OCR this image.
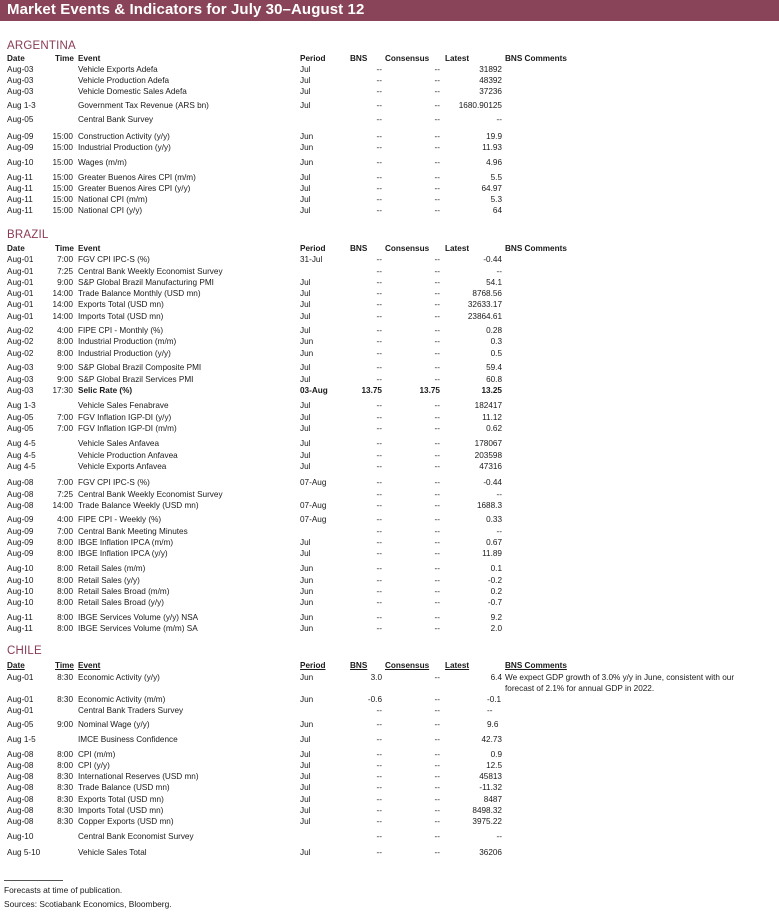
Market Events & Indicators for July 30–August 12
ARGENTINA
Date	Time Event	Period	BNS Consensus Latest	BNS Comments
Aug-03	Vehicle Exports Adefa	Jul	--	--	31892
Aug-03	Vehicle Production Adefa	Jul	--	--	48392
Aug-03	Vehicle Domestic Sales Adefa	Jul	--	--	37236
Aug 1-3	Government Tax Revenue (ARS bn)	Jul	--	--	1680.90125
Aug-05	Central Bank Survey	--	--	--
Aug-09	15:00 Construction Activity (y/y)	Jun	--	--	19.9
Aug-09	15:00 Industrial Production (y/y)	Jun	--	--	11.93
Aug-10	15:00 Wages (m/m)	Jun	--	--	4.96
Aug-11	15:00 Greater Buenos Aires CPI (m/m)	Jul	--	--	5.5
Aug-11	15:00 Greater Buenos Aires CPI (y/y)	Jul	--	--	64.97
Aug-11	15:00 National CPI (m/m)	Jul	--	--	5.3
Aug-11	15:00 National CPI (y/y)	Jul	--	--	64
BRAZIL
Date	Time Event	Period	BNS Consensus Latest	BNS Comments
Aug-01	7:00 FGV CPI IPC-S (%)	31-Jul	--	--	-0.44
Aug-01	7:25 Central Bank Weekly Economist Survey	--	--	--
Aug-01	9:00 S&P Global Brazil Manufacturing PMI	Jul	--	--	54.1
Aug-01	14:00 Trade Balance Monthly (USD mn)	Jul	--	--	8768.56
Aug-01	14:00 Exports Total (USD mn)	Jul	--	--	32633.17
Aug-01	14:00 Imports Total (USD mn)	Jul	--	--	23864.61
Aug-02	4:00 FIPE CPI - Monthly (%)	Jul	--	--	0.28
Aug-02	8:00 Industrial Production (m/m)	Jun	--	--	0.3
Aug-02	8:00 Industrial Production (y/y)	Jun	--	--	0.5
Aug-03	9:00 S&P Global Brazil Composite PMI	Jul	--	--	59.4
Aug-03	9:00 S&P Global Brazil Services PMI	Jul	--	--	60.8
Aug-03	17:30 Selic Rate (%)	03-Aug	13.75	13.75	13.25
Aug 1-3	Vehicle Sales Fenabrave	Jul	--	--	182417
Aug-05	7:00 FGV Inflation IGP-DI (y/y)	Jul	--	--	11.12
Aug-05	7:00 FGV Inflation IGP-DI (m/m)	Jul	--	--	0.62
Aug 4-5	Vehicle Sales Anfavea	Jul	--	--	178067
Aug 4-5	Vehicle Production Anfavea	Jul	--	--	203598
Aug 4-5	Vehicle Exports Anfavea	Jul	--	--	47316
Aug-08	7:00 FGV CPI IPC-S (%)	07-Aug	--	--	-0.44
Aug-08	7:25 Central Bank Weekly Economist Survey	--	--	--
Aug-08	14:00 Trade Balance Weekly (USD mn)	07-Aug	--	--	1688.3
Aug-09	4:00 FIPE CPI - Weekly (%)	07-Aug	--	--	0.33
Aug-09	7:00 Central Bank Meeting Minutes	--	--	--
Aug-09	8:00 IBGE Inflation IPCA (m/m)	Jul	--	--	0.67
Aug-09	8:00 IBGE Inflation IPCA (y/y)	Jul	--	--	11.89
Aug-10	8:00 Retail Sales (m/m)	Jun	--	--	0.1
Aug-10	8:00 Retail Sales (y/y)	Jun	--	--	-0.2
Aug-10	8:00 Retail Sales Broad (m/m)	Jun	--	--	0.2
Aug-10	8:00 Retail Sales Broad (y/y)	Jun	--	--	-0.7
Aug-11	8:00 IBGE Services Volume (y/y) NSA	Jun	--	--	9.2
Aug-11	8:00 IBGE Services Volume (m/m) SA	Jun	--	--	2.0
CHILE
Date	Time Event	Period	BNS Consensus Latest	BNS Comments
Aug-01	8:30 Economic Activity (y/y)	Jun	3.0	--	6.4 We expect GDP growth of 3.0% y/y in June, consistent with our forecast of 2.1% for annual GDP in 2022.
Aug-01	8:30 Economic Activity (m/m)	Jun	-0.6	--	-0.1
Aug-01	Central Bank Traders Survey	--	--	--
Aug-05	9:00 Nominal Wage (y/y)	Jun	--	--	9.6
Aug 1-5	IMCE Business Confidence	Jul	--	--	42.73
Aug-08	8:00 CPI (m/m)	Jul	--	--	0.9
Aug-08	8:00 CPI (y/y)	Jul	--	--	12.5
Aug-08	8:30 International Reserves (USD mn)	Jul	--	--	45813
Aug-08	8:30 Trade Balance (USD mn)	Jul	--	--	-11.32
Aug-08	8:30 Exports Total (USD mn)	Jul	--	--	8487
Aug-08	8:30 Imports Total (USD mn)	Jul	--	--	8498.32
Aug-08	8:30 Copper Exports (USD mn)	Jul	--	--	3975.22
Aug-10	Central Bank Economist Survey	--	--	--
Aug 5-10	Vehicle Sales Total	Jul	--	--	36206
Forecasts at time of publication.
Sources: Scotiabank Economics, Bloomberg.
